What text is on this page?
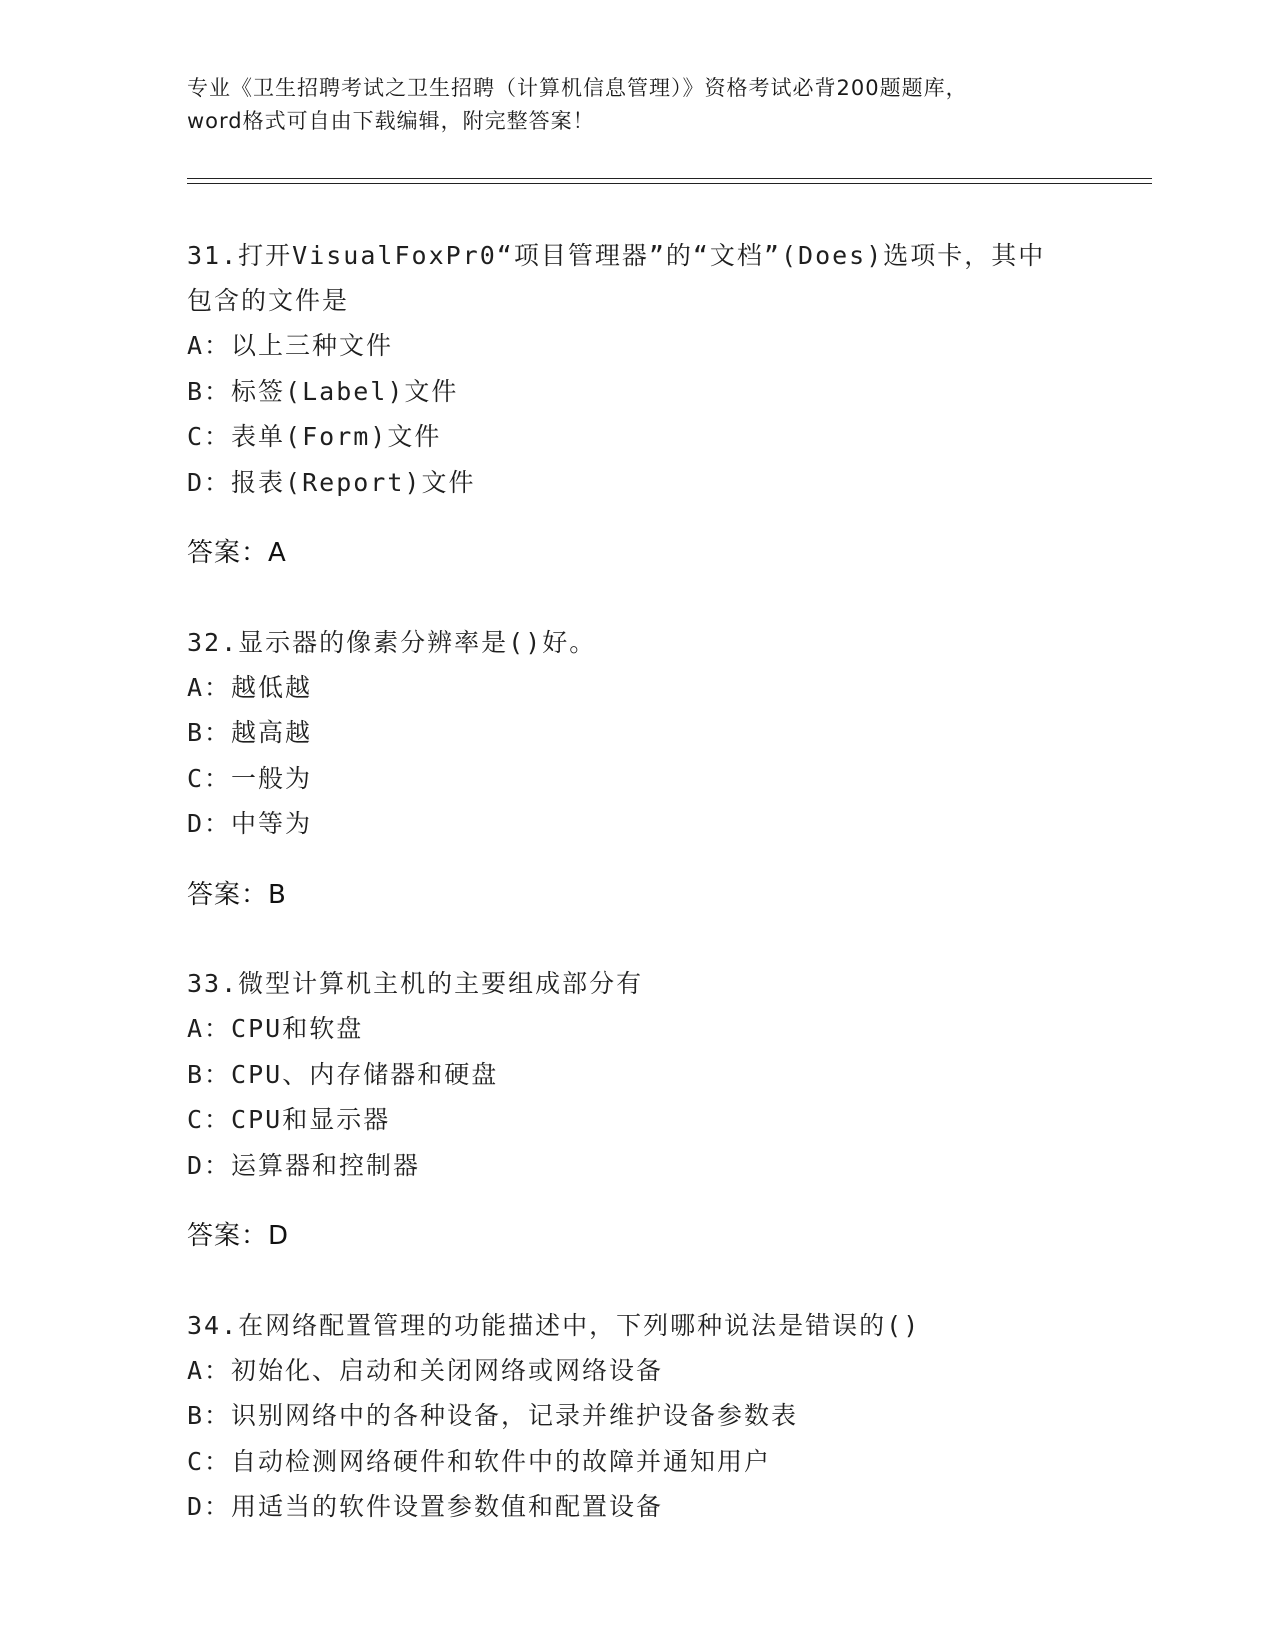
专业《卫生招聘考试之卫生招聘（计算机信息管理）》资格考试必背200题题库，
word格式可自由下载编辑，附完整答案！

31.打开VisualFoxPr0“项目管理器”的“文档”(Does)选项卡，其中

包含的文件是

A：以上三种文件

B：标签(Label)文件

C：表单(Form)文件

D：报表(Report)文件

答案：A

32.显示器的像素分辨率是()好。

A：越低越

B：越高越

C：一般为

D：中等为

答案：B

33.微型计算机主机的主要组成部分有

A：CPU和软盘

B：CPU、内存储器和硬盘

C：CPU和显示器

D：运算器和控制器

答案：D

34.在网络配置管理的功能描述中，下列哪种说法是错误的()

A：初始化、启动和关闭网络或网络设备

B：识别网络中的各种设备，记录并维护设备参数表

C：自动检测网络硬件和软件中的故障并通知用户

D：用适当的软件设置参数值和配置设备
